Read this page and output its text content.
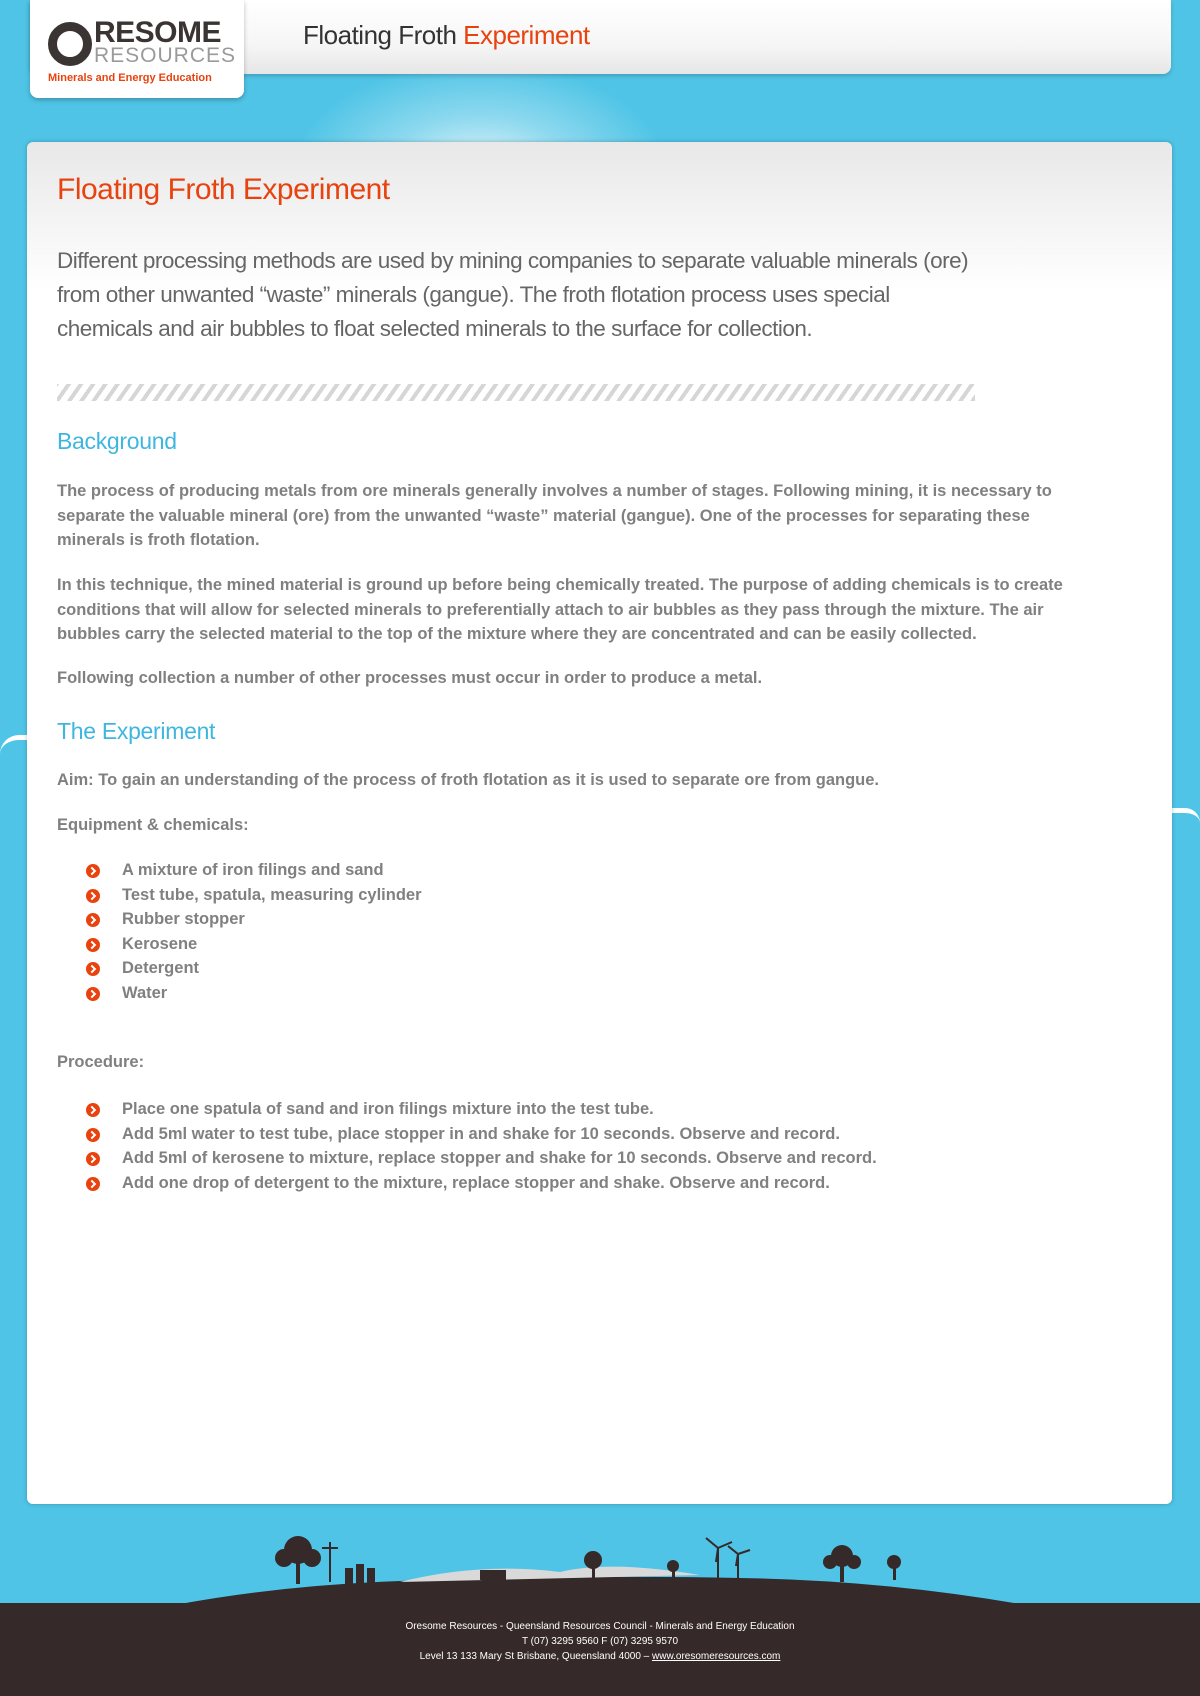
Floating Froth Experiment
RESOME
RESOURCES
Minerals and Energy Education
Floating Froth Experiment

Different processing methods are used by mining companies to separate valuable minerals (ore)
from other unwanted “waste” minerals (gangue). The froth flotation process uses special
chemicals and air bubbles to float selected minerals to the surface for collection.

Background

The process of producing metals from ore minerals generally involves a number of stages. Following mining, it is necessary to
separate the valuable mineral (ore) from the unwanted “waste” material (gangue). One of the processes for separating these
minerals is froth flotation.

In this technique, the mined material is ground up before being chemically treated. The purpose of adding chemicals is to create
conditions that will allow for selected minerals to preferentially attach to air bubbles as they pass through the mixture. The air
bubbles carry the selected material to the top of the mixture where they are concentrated and can be easily collected.

Following collection a number of other processes must occur in order to produce a metal.

The Experiment
Aim: To gain an understanding of the process of froth flotation as it is used to separate ore from gangue.
Equipment & chemicals:
A mixture of iron filings and sand
Test tube, spatula, measuring cylinder
Rubber stopper
Kerosene
Detergent
Water
Procedure:
Place one spatula of sand and iron filings mixture into the test tube.
Add 5ml water to test tube, place stopper in and shake for 10 seconds. Observe and record.
Add 5ml of kerosene to mixture, replace stopper and shake for 10 seconds. Observe and record.
Add one drop of detergent to the mixture, replace stopper and shake. Observe and record.
Oresome Resources - Queensland Resources Council - Minerals and Energy Education
T (07) 3295 9560 F (07) 3295 9570
Level 13 133 Mary St Brisbane, Queensland 4000 – www.oresomeresources.com
